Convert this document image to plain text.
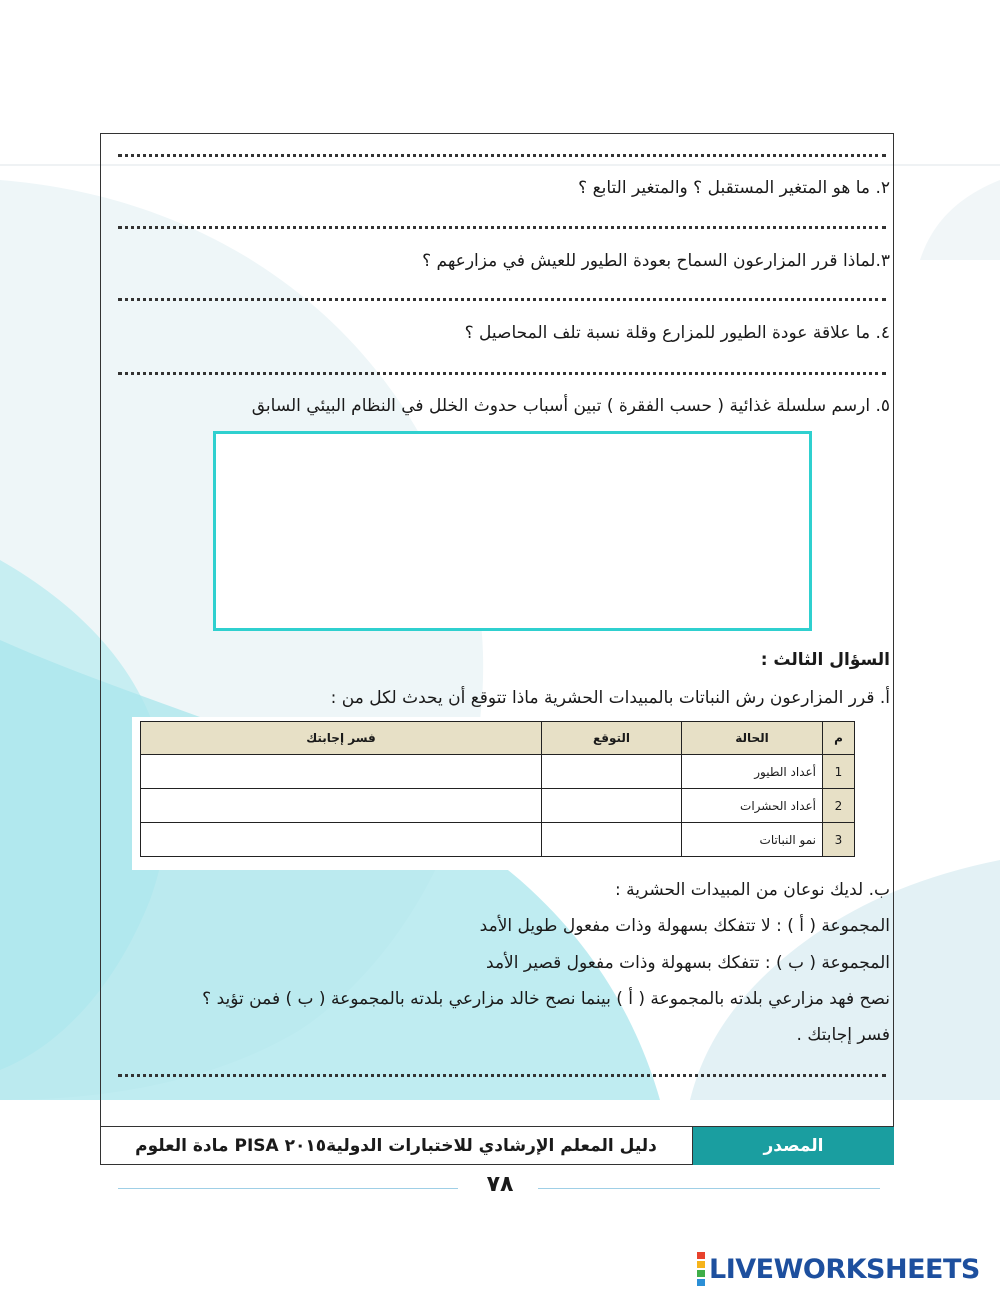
٢. ما هو المتغير المستقبل ؟ والمتغير التابع ؟
٣.لماذا قرر المزارعون السماح بعودة الطيور للعيش في مزارعهم ؟
٤. ما علاقة عودة الطيور للمزارع وقلة نسبة تلف المحاصيل ؟
٥. ارسم سلسلة غذائية ( حسب الفقرة ) تبين أسباب حدوث الخلل في النظام البيئي السابق
السؤال الثالث :
أ. قرر المزارعون رش النباتات بالمبيدات الحشرية ماذا تتوقع أن يحدث لكل من :
م	الحالة	التوقع	فسر إجابتك
1	أعداد الطيور		
2	أعداد الحشرات		
3	نمو النباتات		
ب. لديك نوعان من المبيدات الحشرية :
المجموعة ( أ ) : لا تتفكك بسهولة وذات مفعول طويل الأمد
المجموعة ( ب ) : تتفكك بسهولة وذات مفعول قصير الأمد
نصح فهد مزارعي بلدته بالمجموعة ( أ ) بينما نصح خالد مزارعي بلدته بالمجموعة ( ب ) فمن تؤيد ؟
فسر إجابتك .
المصدر
دليل المعلم الإرشادي للاختبارات الدولية٢٠١٥ PISA مادة العلوم
٧٨
LIVEWORKSHEETS
